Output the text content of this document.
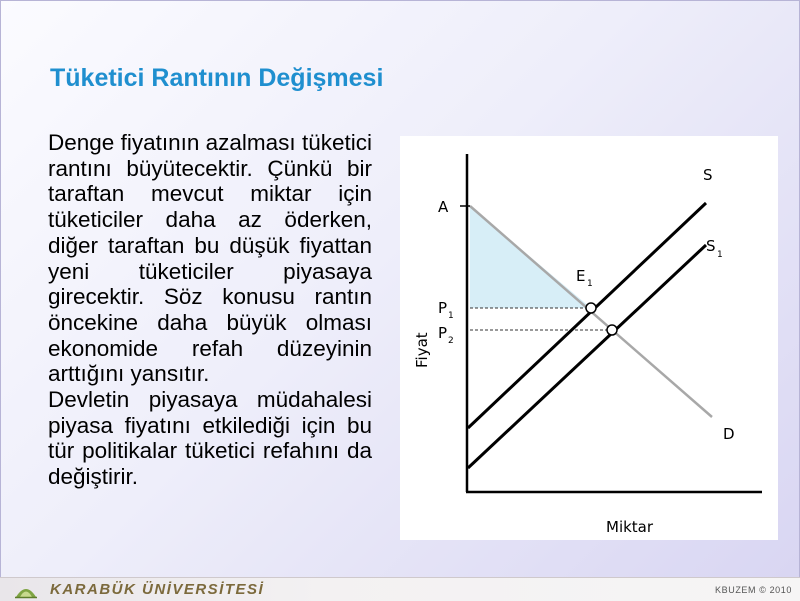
Tüketici Rantının Değişmesi

Denge fiyatının azalması tüketici rantını büyütecektir. Çünkü bir taraftan mevcut miktar için tüketiciler daha az öderken, diğer taraftan bu düşük fiyattan yeni tüketiciler piyasaya girecektir. Söz konusu rantın öncekine daha büyük olması ekonomide refah düzeyinin arttığını yansıtır.

Devletin piyasaya müdahalesi piyasa fiyatını etkilediği için bu tür politikalar tüketici refahını da değiştirir.

A
S
S 1
E 1
P 1
P 2
D
Fiyat
Miktar
KARABÜK ÜNİVERSİTESİ	KBUZEM © 2010
